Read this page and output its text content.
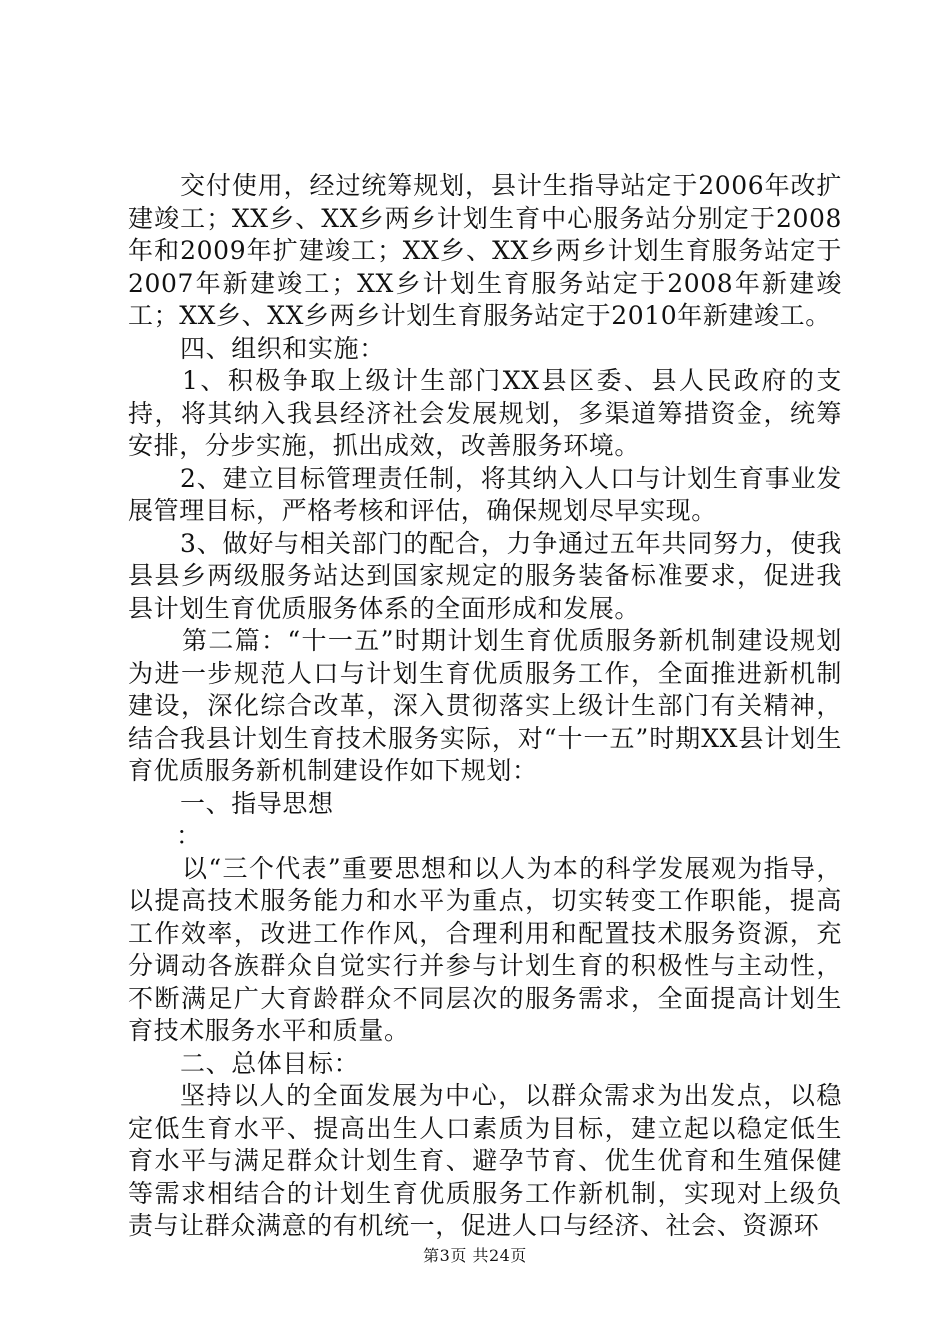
交付使用，经过统筹规划，县计生指导站定于2006年改扩建竣工；XX乡、XX乡两乡计划生育中心服务站分别定于2008年和2009年扩建竣工；XX乡、XX乡两乡计划生育服务站定于2007年新建竣工；XX乡计划生育服务站定于2008年新建竣工；XX乡、XX乡两乡计划生育服务站定于2010年新建竣工。

四、组织和实施：

1、积极争取上级计生部门XX县区委、县人民政府的支持，将其纳入我县经济社会发展规划，多渠道筹措资金，统筹安排，分步实施，抓出成效，改善服务环境。

2、建立目标管理责任制，将其纳入人口与计划生育事业发展管理目标，严格考核和评估，确保规划尽早实现。

3、做好与相关部门的配合，力争通过五年共同努力，使我县县乡两级服务站达到国家规定的服务装备标准要求，促进我县计划生育优质服务体系的全面形成和发展。

第二篇：“十一五”时期计划生育优质服务新机制建设规划为进一步规范人口与计划生育优质服务工作，全面推进新机制建设，深化综合改革，深入贯彻落实上级计生部门有关精神，结合我县计划生育技术服务实际，对“十一五”时期XX县计划生育优质服务新机制建设作如下规划：

一、指导思想

：

以“三个代表”重要思想和以人为本的科学发展观为指导，以提高技术服务能力和水平为重点，切实转变工作职能，提高工作效率，改进工作作风，合理利用和配置技术服务资源，充分调动各族群众自觉实行并参与计划生育的积极性与主动性，不断满足广大育龄群众不同层次的服务需求，全面提高计划生育技术服务水平和质量。

二、总体目标：

坚持以人的全面发展为中心，以群众需求为出发点，以稳定低生育水平、提高出生人口素质为目标，建立起以稳定低生育水平与满足群众计划生育、避孕节育、优生优育和生殖保健等需求相结合的计划生育优质服务工作新机制，实现对上级负责与让群众满意的有机统一，促进人口与经济、社会、资源环

第3页 共24页
